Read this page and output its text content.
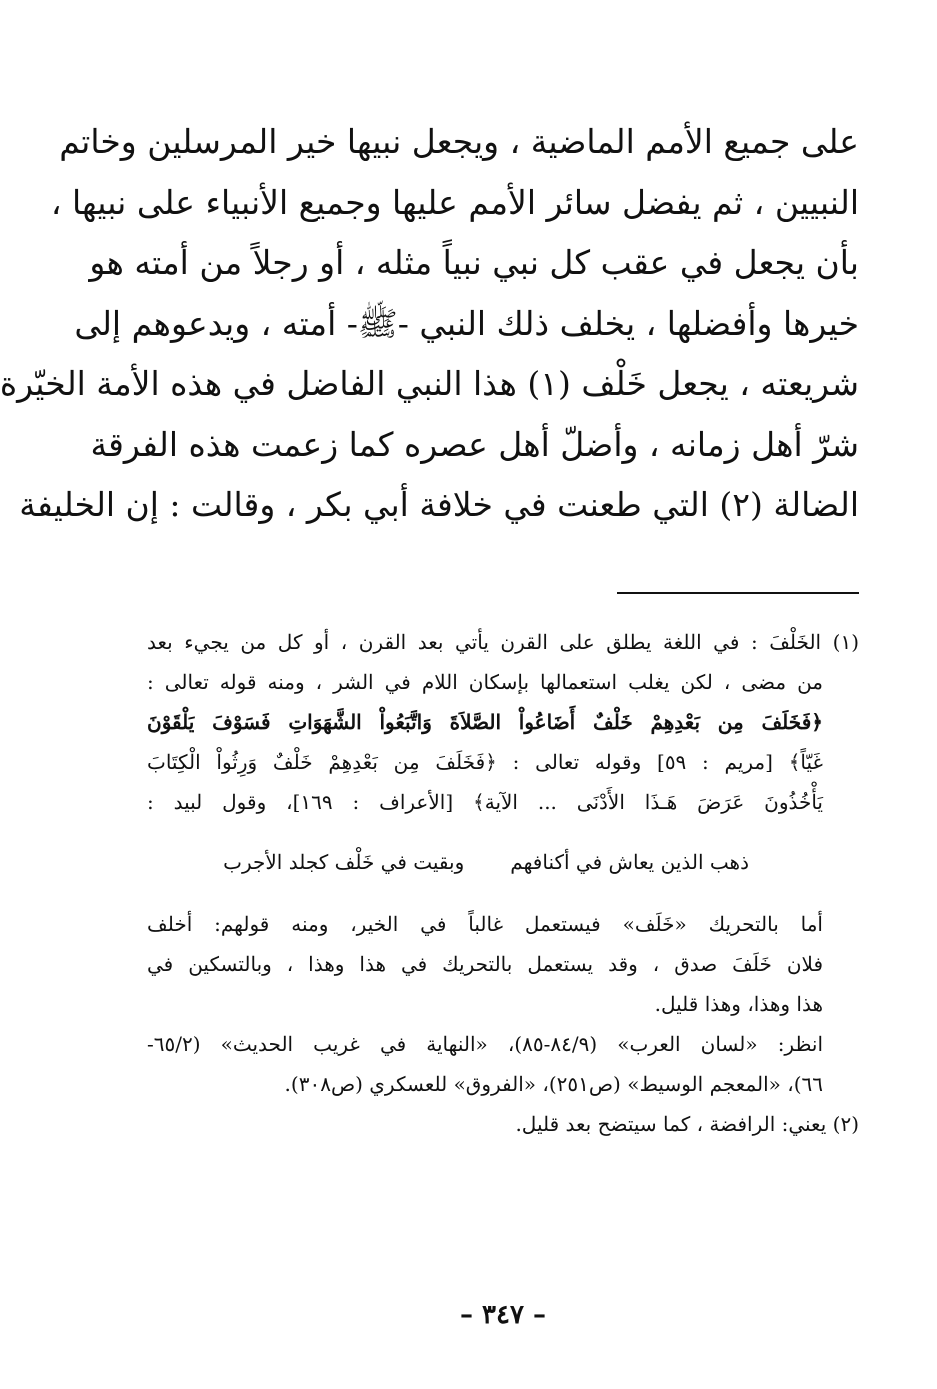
على جميع الأمم الماضية ، ويجعل نبيها خير المرسلين وخاتم
النبيين ، ثم يفضل سائر الأمم عليها وجميع الأنبياء على نبيها ،
بأن يجعل في عقب كل نبي نبياً مثله ، أو رجلاً من أمته هو
خيرها وأفضلها ، يخلف ذلك النبي -ﷺ- أمته ، ويدعوهم إلى
شريعته ، يجعل خَلْف (١) هذا النبي الفاضل في هذه الأمة الخيّرة
شرّ أهل زمانه ، وأضلّ أهل عصره كما زعمت هذه الفرقة
الضالة (٢) التي طعنت في خلافة أبي بكر ، وقالت : إن الخليفة
(١) الخَلْفَ : في اللغة يطلق على القرن يأتي بعد القرن ، أو كل من يجيء بعد
من مضى ، لكن يغلب استعمالها بإسكان اللام في الشر ، ومنه قوله تعالى :
﴿فَخَلَفَ مِن بَعْدِهِمْ خَلْفٌ أَضَاعُواْ الصَّلاَةَ وَاتَّبَعُواْ الشَّهَوَاتِ فَسَوْفَ يَلْقَوْنَ
غَيّاً﴾ [مريم : ٥٩] وقوله تعالى : ﴿فَخَلَفَ مِن بَعْدِهِمْ خَلْفٌ وَرِثُواْ الْكِتَابَ
يَأْخُذُونَ عَرَضَ هَـذَا الأَدْنَى ... الآية﴾ [الأعراف : ١٦٩]، وقول لبيد :
ذهب الذين يعاش في أكنافهم
وبقيت في خَلْف كجلد الأجرب
أما بالتحريك «خَلَف» فيستعمل غالباً في الخير، ومنه قولهم: أخلف
فلان خَلَفَ صدق ، وقد يستعمل بالتحريك في هذا وهذا ، وبالتسكين في
هذا وهذا، وهذا قليل.
انظر: «لسان العرب» (٨٤/٩-٨٥)، «النهاية في غريب الحديث» (٦٥/٢-
٦٦)، «المعجم الوسيط» (ص٢٥١)، «الفروق» للعسكري (ص٣٠٨).
(٢) يعني: الرافضة ، كما سيتضح بعد قليل.
– ٣٤٧ –
